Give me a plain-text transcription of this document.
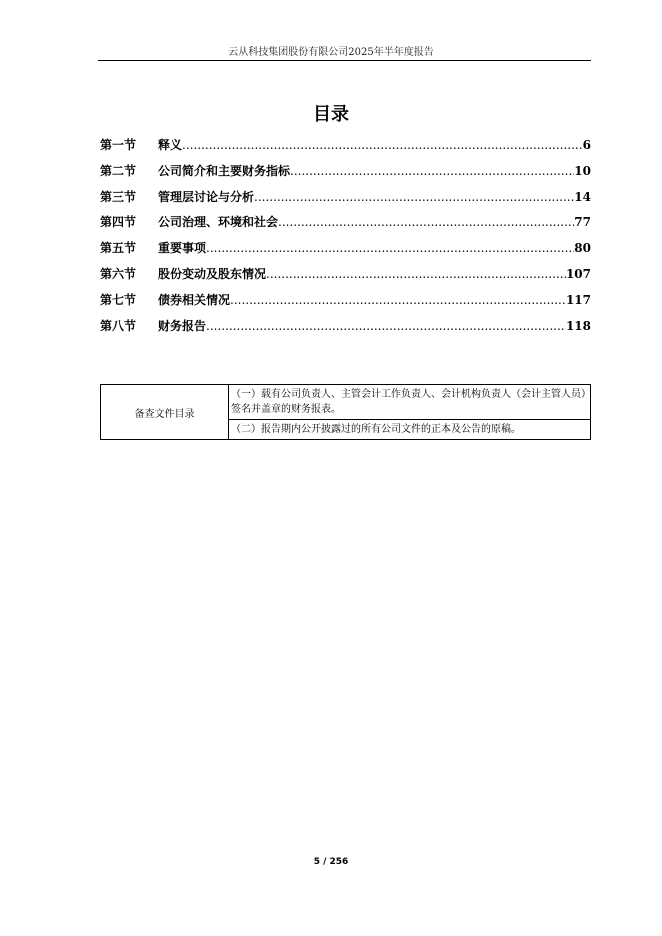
云从科技集团股份有限公司2025年半年度报告
目录
第一节	释义 .....	6
第二节	公司简介和主要财务指标 .....	10
第三节	管理层讨论与分析 .....	14
第四节	公司治理、环境和社会 .....	77
第五节	重要事项 .....	80
第六节	股份变动及股东情况 .....	107
第七节	债券相关情况 .....	117
第八节	财务报告 .....	118
备查文件目录	（一）载有公司负责人、主管会计工作负责人、会计机构负责人（会计主管人员）签名并盖章的财务报表。
（二）报告期内公开披露过的所有公司文件的正本及公告的原稿。
5 / 256
